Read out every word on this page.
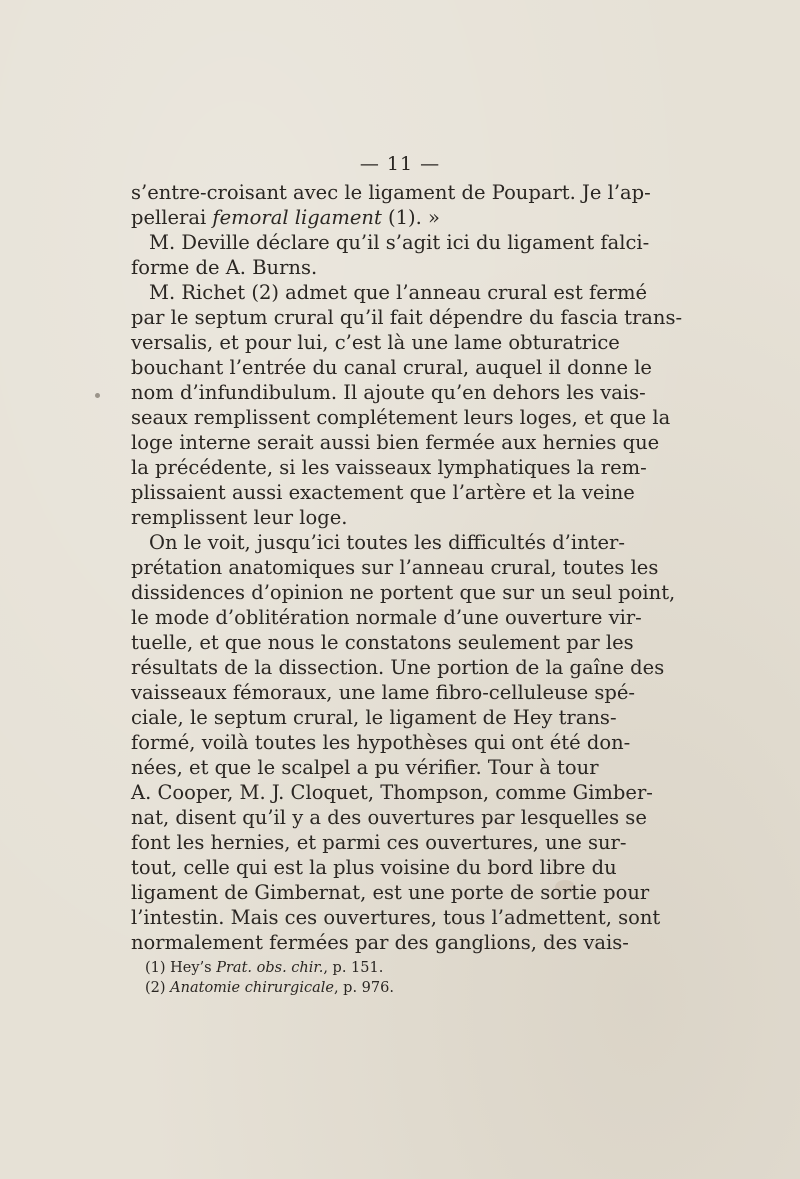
— 11 —
s’entre-croisant avec le ligament de Poupart. Je l’ap-
pellerai femoral ligament (1). »
M. Deville déclare qu’il s’agit ici du ligament falci-
forme de A. Burns.
M. Richet (2) admet que l’anneau crural est fermé
par le septum crural qu’il fait dépendre du fascia trans-
versalis, et pour lui, c’est là une lame obturatrice
bouchant l’entrée du canal crural, auquel il donne le
nom d’infundibulum. Il ajoute qu’en dehors les vais-
seaux remplissent complétement leurs loges, et que la
loge interne serait aussi bien fermée aux hernies que
la précédente, si les vaisseaux lymphatiques la rem-
plissaient aussi exactement que l’artère et la veine
remplissent leur loge.
On le voit, jusqu’ici toutes les difficultés d’inter-
prétation anatomiques sur l’anneau crural, toutes les
dissidences d’opinion ne portent que sur un seul point,
le mode d’oblitération normale d’une ouverture vir-
tuelle, et que nous le constatons seulement par les
résultats de la dissection. Une portion de la gaîne des
vaisseaux fémoraux, une lame fibro-celluleuse spé-
ciale, le septum crural, le ligament de Hey trans-
formé, voilà toutes les hypothèses qui ont été don-
nées, et que le scalpel a pu vérifier. Tour à tour
A. Cooper, M. J. Cloquet, Thompson, comme Gimber-
nat, disent qu’il y a des ouvertures par lesquelles se
font les hernies, et parmi ces ouvertures, une sur-
tout, celle qui est la plus voisine du bord libre du
ligament de Gimbernat, est une porte de sortie pour
l’intestin. Mais ces ouvertures, tous l’admettent, sont
normalement fermées par des ganglions, des vais-
(1) Hey’s Prat. obs. chir., p. 151.
(2) Anatomie chirurgicale, p. 976.
